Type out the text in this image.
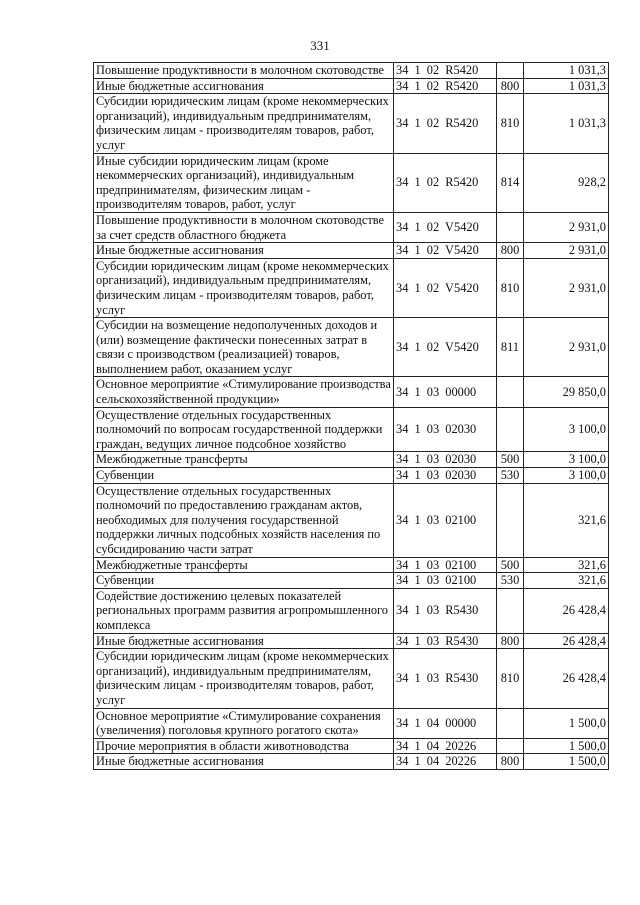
331
Повышение продуктивности в молочном скотоводстве	34 1 02 R5420		1 031,3
Иные бюджетные ассигнования	34 1 02 R5420	800	1 031,3
Субсидии юридическим лицам (кроме некоммерческих организаций), индивидуальным предпринимателям, физическим лицам - производителям товаров, работ, услуг	34 1 02 R5420	810	1 031,3
Иные субсидии юридическим лицам (кроме некоммерческих организаций), индивидуальным предпринимателям, физическим лицам - производителям товаров, работ, услуг	34 1 02 R5420	814	928,2
Повышение продуктивности в молочном скотоводстве за счет средств областного бюджета	34 1 02 V5420		2 931,0
Иные бюджетные ассигнования	34 1 02 V5420	800	2 931,0
Субсидии юридическим лицам (кроме некоммерческих организаций), индивидуальным предпринимателям, физическим лицам - производителям товаров, работ, услуг	34 1 02 V5420	810	2 931,0
Субсидии на возмещение недополученных доходов и (или) возмещение фактически понесенных затрат в связи с производством (реализацией) товаров, выполнением работ, оказанием услуг	34 1 02 V5420	811	2 931,0
Основное мероприятие «Стимулирование производства сельскохозяйственной продукции»	34 1 03 00000		29 850,0
Осуществление отдельных государственных полномочий по вопросам государственной поддержки граждан, ведущих личное подсобное хозяйство	34 1 03 02030		3 100,0
Межбюджетные трансферты	34 1 03 02030	500	3 100,0
Субвенции	34 1 03 02030	530	3 100,0
Осуществление отдельных государственных полномочий по предоставлению гражданам актов, необходимых для получения государственной поддержки личных подсобных хозяйств населения по субсидированию части затрат	34 1 03 02100		321,6
Межбюджетные трансферты	34 1 03 02100	500	321,6
Субвенции	34 1 03 02100	530	321,6
Содействие достижению целевых показателей региональных программ развития агропромышленного комплекса	34 1 03 R5430		26 428,4
Иные бюджетные ассигнования	34 1 03 R5430	800	26 428,4
Субсидии юридическим лицам (кроме некоммерческих организаций), индивидуальным предпринимателям, физическим лицам - производителям товаров, работ, услуг	34 1 03 R5430	810	26 428,4
Основное мероприятие «Стимулирование сохранения (увеличения) поголовья крупного рогатого скота»	34 1 04 00000		1 500,0
Прочие мероприятия в области животноводства	34 1 04 20226		1 500,0
Иные бюджетные ассигнования	34 1 04 20226	800	1 500,0
